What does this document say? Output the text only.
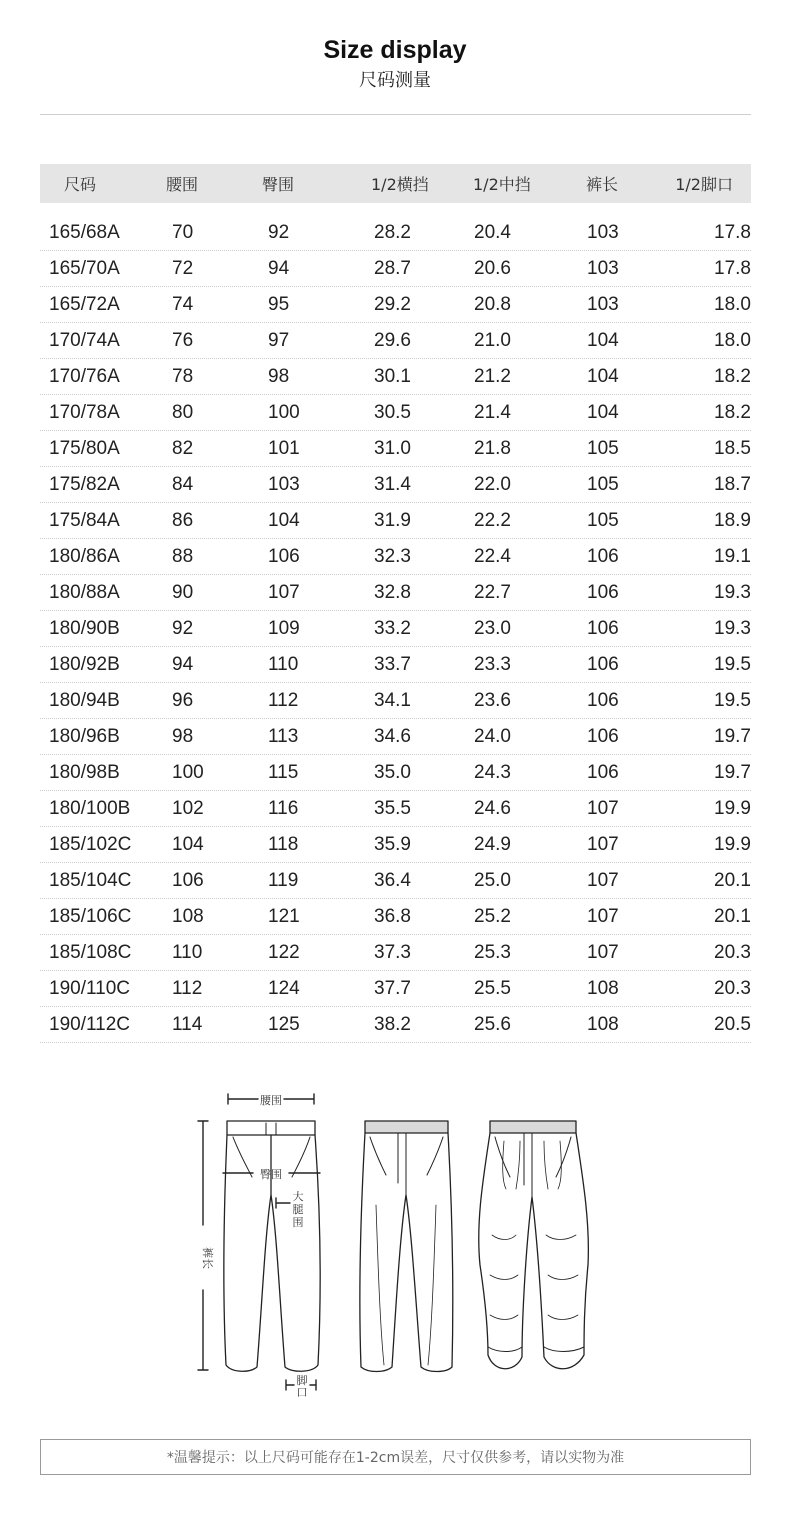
Size display
尺码测量
尺码	腰围	臀围	1/2横挡	1/2中挡	裤长	1/2脚口
165/68A	70	92	28.2	20.4	103	17.8
165/70A	72	94	28.7	20.6	103	17.8
165/72A	74	95	29.2	20.8	103	18.0
170/74A	76	97	29.6	21.0	104	18.0
170/76A	78	98	30.1	21.2	104	18.2
170/78A	80	100	30.5	21.4	104	18.2
175/80A	82	101	31.0	21.8	105	18.5
175/82A	84	103	31.4	22.0	105	18.7
175/84A	86	104	31.9	22.2	105	18.9
180/86A	88	106	32.3	22.4	106	19.1
180/88A	90	107	32.8	22.7	106	19.3
180/90B	92	109	33.2	23.0	106	19.3
180/92B	94	110	33.7	23.3	106	19.5
180/94B	96	112	34.1	23.6	106	19.5
180/96B	98	113	34.6	24.0	106	19.7
180/98B	100	115	35.0	24.3	106	19.7
180/100B	102	116	35.5	24.6	107	19.9
185/102C	104	118	35.9	24.9	107	19.9
185/104C	106	119	36.4	25.0	107	20.1
185/106C	108	121	36.8	25.2	107	20.1
185/108C	110	122	37.3	25.3	107	20.3
190/110C	112	124	37.7	25.5	108	20.3
190/112C	114	125	38.2	25.6	108	20.5
腰围
臀围
大
腿
围
裤长
脚
口
*温馨提示：以上尺码可能存在1-2cm误差，尺寸仅供参考，请以实物为准
